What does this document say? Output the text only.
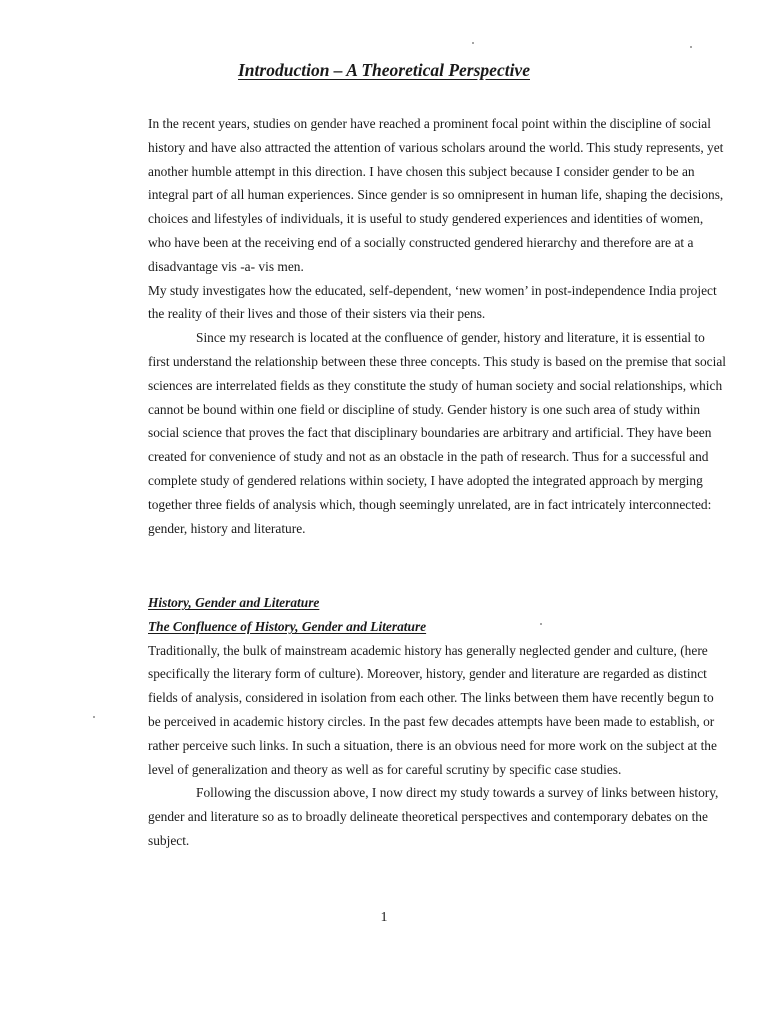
Introduction – A Theoretical Perspective

In the recent years, studies on gender have reached a prominent focal point within the discipline of social history and have also attracted the attention of various scholars around the world. This study represents, yet another humble attempt in this direction. I have chosen this subject because I consider gender to be an integral part of all human experiences. Since gender is so omnipresent in human life, shaping the decisions, choices and lifestyles of individuals, it is useful to study gendered experiences and identities of women, who have been at the receiving end of a socially constructed gendered hierarchy and therefore are at a disadvantage vis -a- vis men.

My study investigates how the educated, self-dependent, ‘new women’ in post-independence India project the reality of their lives and those of their sisters via their pens.

Since my research is located at the confluence of gender, history and literature, it is essential to first understand the relationship between these three concepts. This study is based on the premise that social sciences are interrelated fields as they constitute the study of human society and social relationships, which cannot be bound within one field or discipline of study. Gender history is one such area of study within social science that proves the fact that disciplinary boundaries are arbitrary and artificial. They have been created for convenience of study and not as an obstacle in the path of research. Thus for a successful and complete study of gendered relations within society, I have adopted the integrated approach by merging together three fields of analysis which, though seemingly unrelated, are in fact intricately interconnected: gender, history and literature.

History, Gender and Literature

The Confluence of History, Gender and Literature

Traditionally, the bulk of mainstream academic history has generally neglected gender and culture, (here specifically the literary form of culture). Moreover, history, gender and literature are regarded as distinct fields of analysis, considered in isolation from each other. The links between them have recently begun to be perceived in academic history circles. In the past few decades attempts have been made to establish, or rather perceive such links. In such a situation, there is an obvious need for more work on the subject at the level of generalization and theory as well as for careful scrutiny by specific case studies.

Following the discussion above, I now direct my study towards a survey of links between history, gender and literature so as to broadly delineate theoretical perspectives and contemporary debates on the subject.

1
